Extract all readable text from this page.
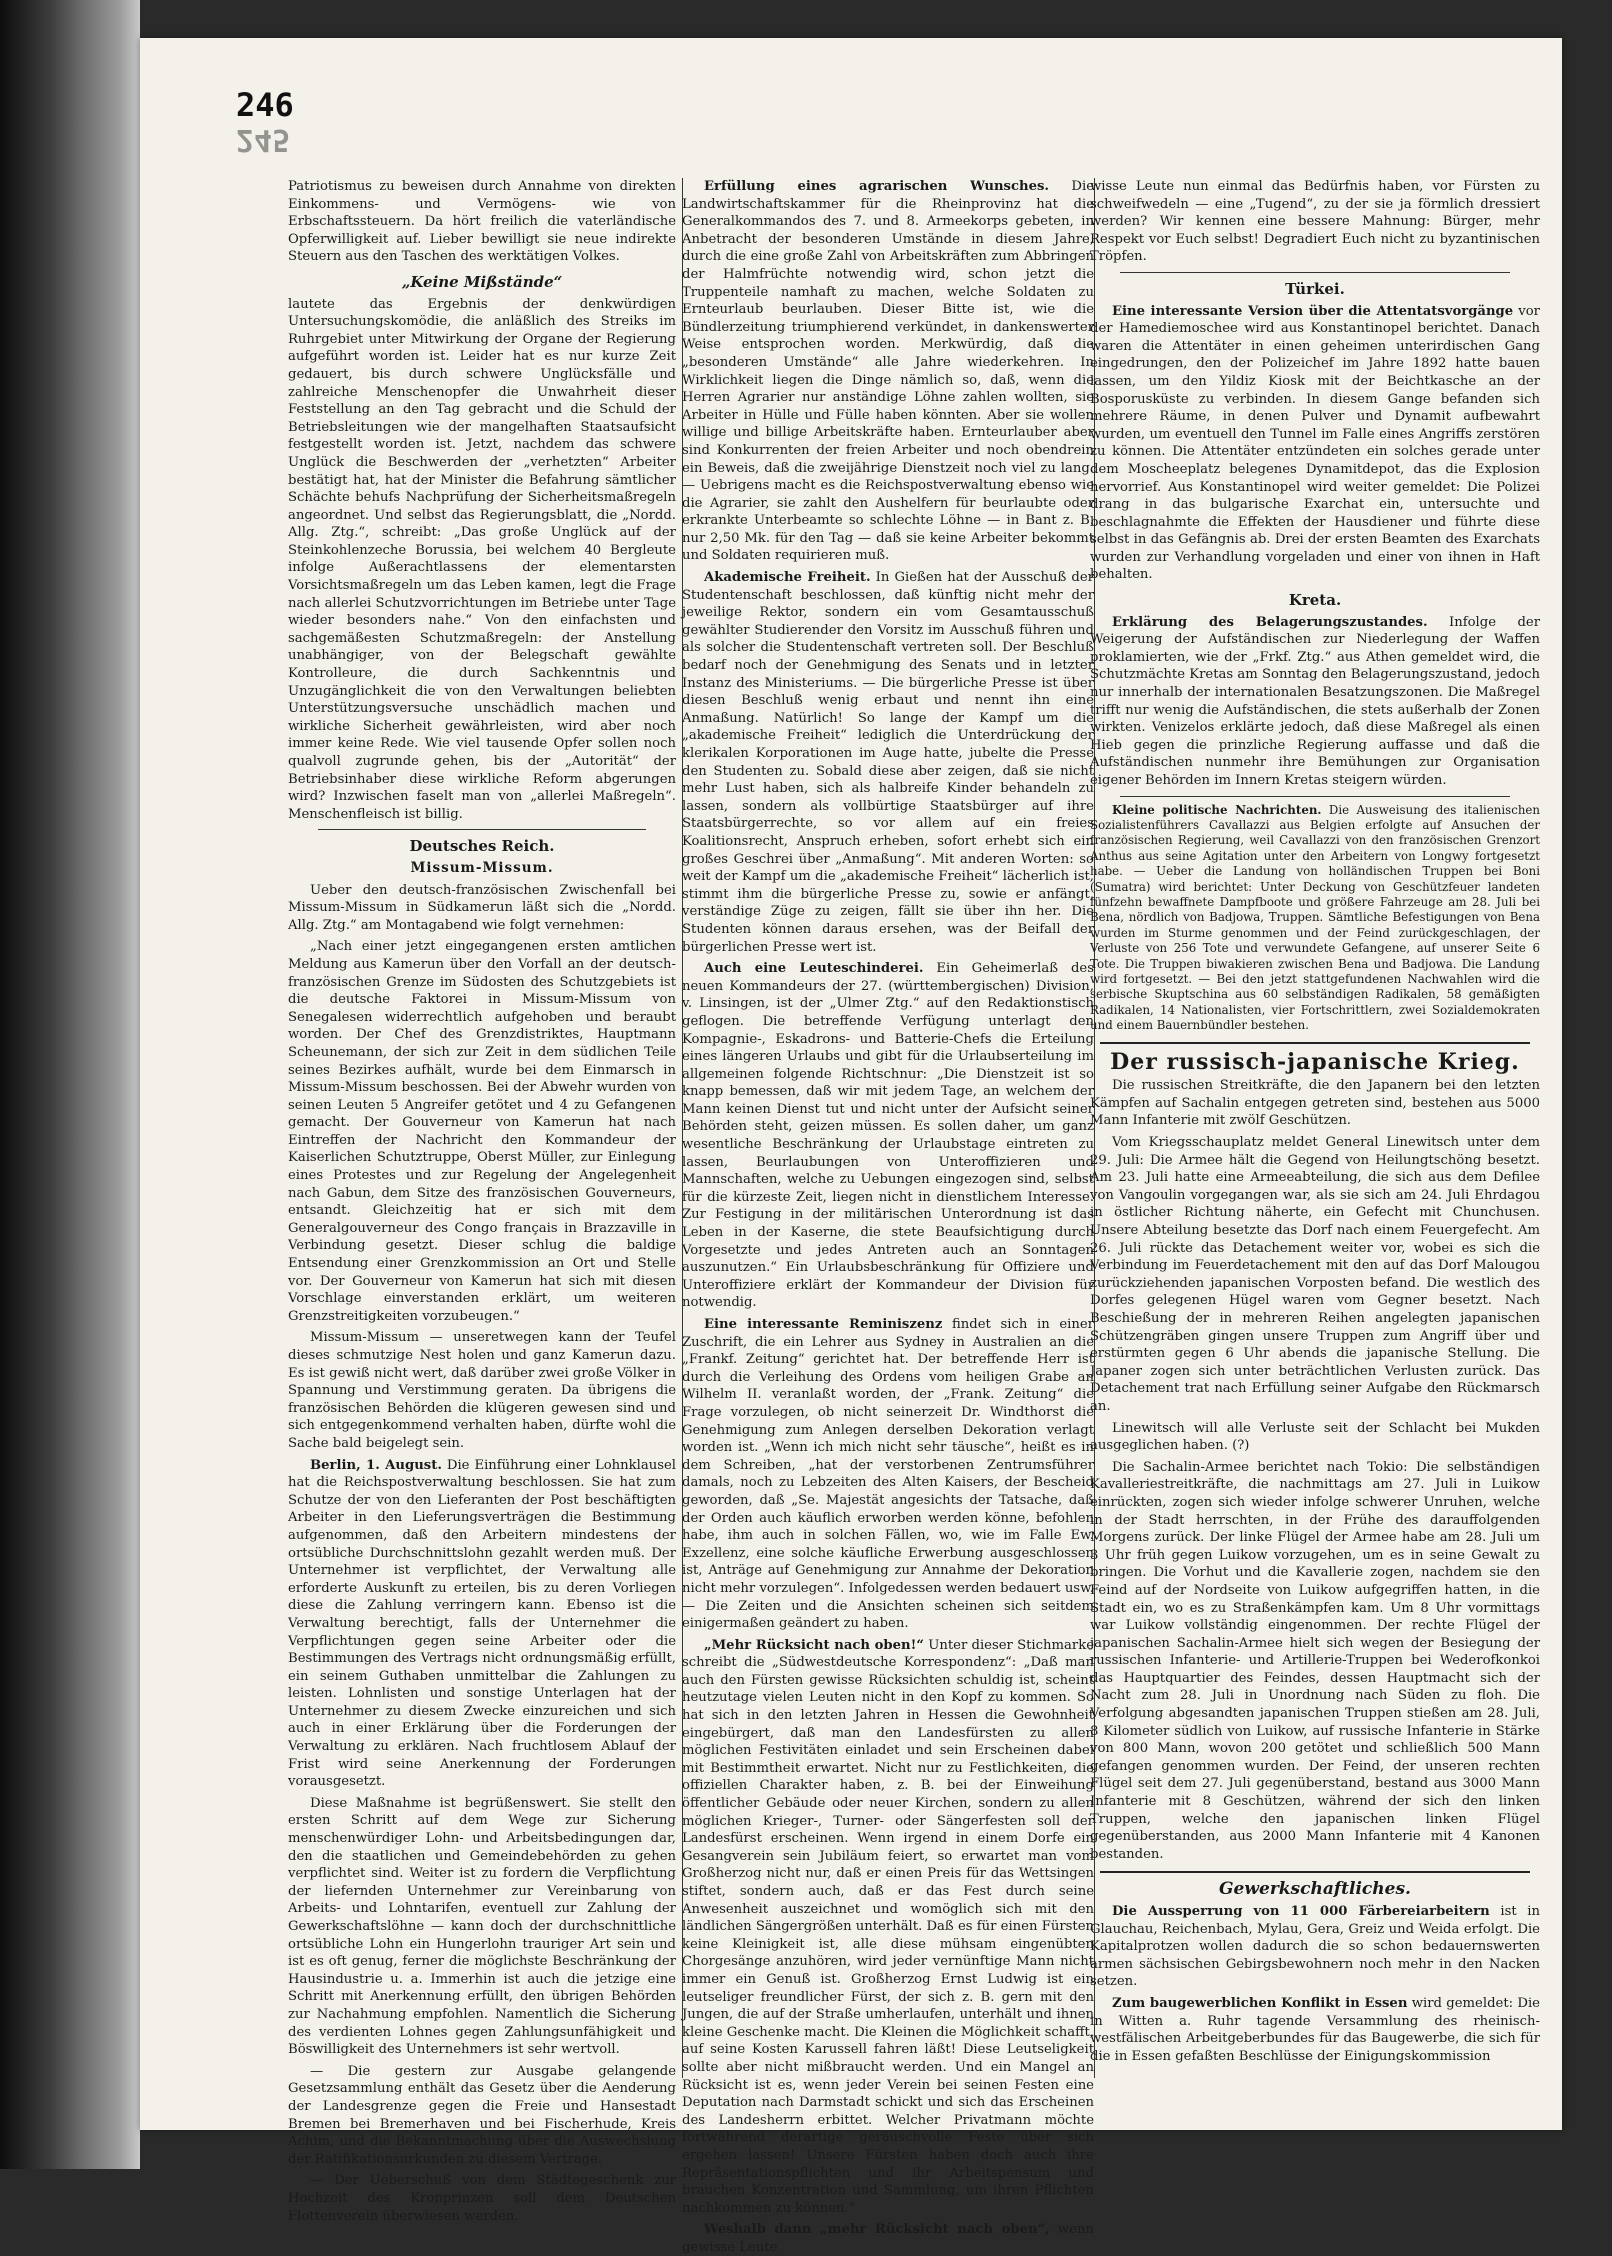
246
245

Patriotismus zu beweisen durch Annahme von direkten Einkommens- und Vermögens- wie von Erbschaftssteuern. Da hört freilich die vaterländische Opferwilligkeit auf. Lieber bewilligt sie neue indirekte Steuern aus den Taschen des werktätigen Volkes.

„Keine Mißstände“

lautete das Ergebnis der denkwürdigen Untersuchungskomödie, die anläßlich des Streiks im Ruhrgebiet unter Mitwirkung der Organe der Regierung aufgeführt worden ist. Leider hat es nur kurze Zeit gedauert, bis durch schwere Unglücksfälle und zahlreiche Menschenopfer die Unwahrheit dieser Feststellung an den Tag gebracht und die Schuld der Betriebsleitungen wie der mangelhaften Staatsaufsicht festgestellt worden ist. Jetzt, nachdem das schwere Unglück die Beschwerden der „verhetzten“ Arbeiter bestätigt hat, hat der Minister die Befahrung sämtlicher Schächte behufs Nachprüfung der Sicherheitsmaßregeln angeordnet. Und selbst das Regierungsblatt, die „Nordd. Allg. Ztg.“, schreibt: „Das große Unglück auf der Steinkohlenzeche Borussia, bei welchem 40 Bergleute infolge Außerachtlassens der elementarsten Vorsichtsmaßregeln um das Leben kamen, legt die Frage nach allerlei Schutzvorrichtungen im Betriebe unter Tage wieder besonders nahe.“ Von den einfachsten und sachgemäßesten Schutzmaßregeln: der Anstellung unabhängiger, von der Belegschaft gewählte Kontrolleure, die durch Sachkenntnis und Unzugänglichkeit die von den Verwaltungen beliebten Unterstützungsversuche unschädlich machen und wirkliche Sicherheit gewährleisten, wird aber noch immer keine Rede. Wie viel tausende Opfer sollen noch qualvoll zugrunde gehen, bis der „Autorität“ der Betriebsinhaber diese wirkliche Reform abgerungen wird? Inzwischen faselt man von „allerlei Maßregeln“. Menschenfleisch ist billig.

Deutsches Reich.
Missum-Missum.

Ueber den deutsch-französischen Zwischenfall bei Missum-Missum in Südkamerun läßt sich die „Nordd. Allg. Ztg.“ am Montagabend wie folgt vernehmen:

„Nach einer jetzt eingegangenen ersten amtlichen Meldung aus Kamerun über den Vorfall an der deutsch-französischen Grenze im Südosten des Schutzgebiets ist die deutsche Faktorei in Missum-Missum von Senegalesen widerrechtlich aufgehoben und beraubt worden. Der Chef des Grenzdistriktes, Hauptmann Scheunemann, der sich zur Zeit in dem südlichen Teile seines Bezirkes aufhält, wurde bei dem Einmarsch in Missum-Missum beschossen. Bei der Abwehr wurden von seinen Leuten 5 Angreifer getötet und 4 zu Gefangenen gemacht. Der Gouverneur von Kamerun hat nach Eintreffen der Nachricht den Kommandeur der Kaiserlichen Schutztruppe, Oberst Müller, zur Einlegung eines Protestes und zur Regelung der Angelegenheit nach Gabun, dem Sitze des französischen Gouverneurs, entsandt. Gleichzeitig hat er sich mit dem Generalgouverneur des Congo français in Brazzaville in Verbindung gesetzt. Dieser schlug die baldige Entsendung einer Grenzkommission an Ort und Stelle vor. Der Gouverneur von Kamerun hat sich mit diesen Vorschlage einverstanden erklärt, um weiteren Grenzstreitigkeiten vorzubeugen.“

Missum-Missum — unseretwegen kann der Teufel dieses schmutzige Nest holen und ganz Kamerun dazu. Es ist gewiß nicht wert, daß darüber zwei große Völker in Spannung und Verstimmung geraten. Da übrigens die französischen Behörden die klügeren gewesen sind und sich entgegenkommend verhalten haben, dürfte wohl die Sache bald beigelegt sein.

Berlin, 1. August. Die Einführung einer Lohnklausel hat die Reichspostverwaltung beschlossen. Sie hat zum Schutze der von den Lieferanten der Post beschäftigten Arbeiter in den Lieferungsverträgen die Bestimmung aufgenommen, daß den Arbeitern mindestens der ortsübliche Durchschnittslohn gezahlt werden muß. Der Unternehmer ist verpflichtet, der Verwaltung alle erforderte Auskunft zu erteilen, bis zu deren Vorliegen diese die Zahlung verringern kann. Ebenso ist die Verwaltung berechtigt, falls der Unternehmer die Verpflichtungen gegen seine Arbeiter oder die Bestimmungen des Vertrags nicht ordnungsmäßig erfüllt, ein seinem Guthaben unmittelbar die Zahlungen zu leisten. Lohnlisten und sonstige Unterlagen hat der Unternehmer zu diesem Zwecke einzureichen und sich auch in einer Erklärung über die Forderungen der Verwaltung zu erklären. Nach fruchtlosem Ablauf der Frist wird seine Anerkennung der Forderungen vorausgesetzt.

Diese Maßnahme ist begrüßenswert. Sie stellt den ersten Schritt auf dem Wege zur Sicherung menschenwürdiger Lohn- und Arbeitsbedingungen dar, den die staatlichen und Gemeindebehörden zu gehen verpflichtet sind. Weiter ist zu fordern die Verpflichtung der liefernden Unternehmer zur Vereinbarung von Arbeits- und Lohntarifen, eventuell zur Zahlung der Gewerkschaftslöhne — kann doch der durchschnittliche ortsübliche Lohn ein Hungerlohn trauriger Art sein und ist es oft genug, ferner die möglichste Beschränkung der Hausindustrie u. a. Immerhin ist auch die jetzige eine Schritt mit Anerkennung erfüllt, den übrigen Behörden zur Nachahmung empfohlen. Namentlich die Sicherung des verdienten Lohnes gegen Zahlungsunfähigkeit und Böswilligkeit des Unternehmers ist sehr wertvoll.

— Die gestern zur Ausgabe gelangende Gesetzsammlung enthält das Gesetz über die Aenderung der Landesgrenze gegen die Freie und Hansestadt Bremen bei Bremerhaven und bei Fischerhude, Kreis Achim, und die Bekanntmachung über die Auswechslung der Ratifikationsurkunden zu diesem Vertrage.

— Der Ueberschuß von dem Städtegeschenk zur Hochzeit des Kronprinzen soll dem Deutschen Flottenverein überwiesen werden.

Erfüllung eines agrarischen Wunsches. Die Landwirtschaftskammer für die Rheinprovinz hat die Generalkommandos des 7. und 8. Armeekorps gebeten, in Anbetracht der besonderen Umstände in diesem Jahre, durch die eine große Zahl von Arbeitskräften zum Abbringen der Halmfrüchte notwendig wird, schon jetzt die Truppenteile namhaft zu machen, welche Soldaten zu Ernteurlaub beurlauben. Dieser Bitte ist, wie die Bündlerzeitung triumphierend verkündet, in dankenswerter Weise entsprochen worden. Merkwürdig, daß die „besonderen Umstände“ alle Jahre wiederkehren. In Wirklichkeit liegen die Dinge nämlich so, daß, wenn die Herren Agrarier nur anständige Löhne zahlen wollten, sie Arbeiter in Hülle und Fülle haben könnten. Aber sie wollen willige und billige Arbeitskräfte haben. Ernteurlauber aber sind Konkurrenten der freien Arbeiter und noch obendrein ein Beweis, daß die zweijährige Dienstzeit noch viel zu lang. — Uebrigens macht es die Reichspostverwaltung ebenso wie die Agrarier, sie zahlt den Aushelfern für beurlaubte oder erkrankte Unterbeamte so schlechte Löhne — in Bant z. B. nur 2,50 Mk. für den Tag — daß sie keine Arbeiter bekommt und Soldaten requirieren muß.

Akademische Freiheit. In Gießen hat der Ausschuß der Studentenschaft beschlossen, daß künftig nicht mehr der jeweilige Rektor, sondern ein vom Gesamtausschuß gewählter Studierender den Vorsitz im Ausschuß führen und als solcher die Studentenschaft vertreten soll. Der Beschluß bedarf noch der Genehmigung des Senats und in letzter Instanz des Ministeriums. — Die bürgerliche Presse ist über diesen Beschluß wenig erbaut und nennt ihn eine Anmaßung. Natürlich! So lange der Kampf um die „akademische Freiheit“ lediglich die Unterdrückung der klerikalen Korporationen im Auge hatte, jubelte die Presse den Studenten zu. Sobald diese aber zeigen, daß sie nicht mehr Lust haben, sich als halbreife Kinder behandeln zu lassen, sondern als vollbürtige Staatsbürger auf ihre Staatsbürgerrechte, so vor allem auf ein freies Koalitionsrecht, Anspruch erheben, sofort erhebt sich ein großes Geschrei über „Anmaßung“. Mit anderen Worten: so weit der Kampf um die „akademische Freiheit“ lächerlich ist, stimmt ihm die bürgerliche Presse zu, sowie er anfängt, verständige Züge zu zeigen, fällt sie über ihn her. Die Studenten können daraus ersehen, was der Beifall der bürgerlichen Presse wert ist.

Auch eine Leuteschinderei. Ein Geheimerlaß des neuen Kommandeurs der 27. (württembergischen) Division, v. Linsingen, ist der „Ulmer Ztg.“ auf den Redaktionstisch geflogen. Die betreffende Verfügung unterlagt den Kompagnie-, Eskadrons- und Batterie-Chefs die Erteilung eines längeren Urlaubs und gibt für die Urlaubserteilung im allgemeinen folgende Richtschnur: „Die Dienstzeit ist so knapp bemessen, daß wir mit jedem Tage, an welchem der Mann keinen Dienst tut und nicht unter der Aufsicht seiner Behörden steht, geizen müssen. Es sollen daher, um ganz wesentliche Beschränkung der Urlaubstage eintreten zu lassen, Beurlaubungen von Unteroffizieren und Mannschaften, welche zu Uebungen eingezogen sind, selbst für die kürzeste Zeit, liegen nicht in dienstlichem Interesse. Zur Festigung in der militärischen Unterordnung ist das Leben in der Kaserne, die stete Beaufsichtigung durch Vorgesetzte und jedes Antreten auch an Sonntagen auszunutzen.“ Ein Urlaubsbeschränkung für Offiziere und Unteroffiziere erklärt der Kommandeur der Division für notwendig.

Eine interessante Reminiszenz findet sich in einer Zuschrift, die ein Lehrer aus Sydney in Australien an die „Frankf. Zeitung“ gerichtet hat. Der betreffende Herr ist durch die Verleihung des Ordens vom heiligen Grabe an Wilhelm II. veranlaßt worden, der „Frank. Zeitung“ die Frage vorzulegen, ob nicht seinerzeit Dr. Windthorst die Genehmigung zum Anlegen derselben Dekoration verlagt worden ist. „Wenn ich mich nicht sehr täusche“, heißt es in dem Schreiben, „hat der verstorbenen Zentrumsführer damals, noch zu Lebzeiten des Alten Kaisers, der Bescheid geworden, daß „Se. Majestät angesichts der Tatsache, daß der Orden auch käuflich erworben werden könne, befohlen habe, ihm auch in solchen Fällen, wo, wie im Falle Ew. Exzellenz, eine solche käufliche Erwerbung ausgeschlossen ist, Anträge auf Genehmigung zur Annahme der Dekoration nicht mehr vorzulegen“. Infolgedessen werden bedauert usw. — Die Zeiten und die Ansichten scheinen sich seitdem einigermaßen geändert zu haben.

„Mehr Rücksicht nach oben!“ Unter dieser Stichmarke schreibt die „Südwestdeutsche Korrespondenz“: „Daß man auch den Fürsten gewisse Rücksichten schuldig ist, scheint heutzutage vielen Leuten nicht in den Kopf zu kommen. So hat sich in den letzten Jahren in Hessen die Gewohnheit eingebürgert, daß man den Landesfürsten zu allen möglichen Festivitäten einladet und sein Erscheinen dabei mit Bestimmtheit erwartet. Nicht nur zu Festlichkeiten, die offiziellen Charakter haben, z. B. bei der Einweihung öffentlicher Gebäude oder neuer Kirchen, sondern zu allen möglichen Krieger-, Turner- oder Sängerfesten soll der Landesfürst erscheinen. Wenn irgend in einem Dorfe ein Gesangverein sein Jubiläum feiert, so erwartet man vom Großherzog nicht nur, daß er einen Preis für das Wettsingen stiftet, sondern auch, daß er das Fest durch seine Anwesenheit auszeichnet und womöglich sich mit den ländlichen Sängergrößen unterhält. Daß es für einen Fürsten keine Kleinigkeit ist, alle diese mühsam eingenübten Chorgesänge anzuhören, wird jeder vernünftige Mann nicht immer ein Genuß ist. Großherzog Ernst Ludwig ist ein leutseliger freundlicher Fürst, der sich z. B. gern mit den Jungen, die auf der Straße umherlaufen, unterhält und ihnen kleine Geschenke macht. Die Kleinen die Möglichkeit schafft, auf seine Kosten Karussell fahren läßt! Diese Leutseligkeit sollte aber nicht mißbraucht werden. Und ein Mangel an Rücksicht ist es, wenn jeder Verein bei seinen Festen eine Deputation nach Darmstadt schickt und sich das Erscheinen des Landesherrn erbittet. Welcher Privatmann möchte fortwährend derartige geräuschvolle Feste über sich ergehen lassen! Unsere Fürsten haben doch auch ihre Repräsentationspflichten und ihr Arbeitspensum und brauchen Konzentration und Sammlung, um ihren Pflichten nachkommen zu können.“

Weshalb dann „mehr Rücksicht nach oben“, wenn gewisse Leute

wisse Leute nun einmal das Bedürfnis haben, vor Fürsten zu schweifwedeln — eine „Tugend“, zu der sie ja förmlich dressiert werden? Wir kennen eine bessere Mahnung: Bürger, mehr Respekt vor Euch selbst! Degradiert Euch nicht zu byzantinischen Tröpfen.

Türkei.

Eine interessante Version über die Attentatsvorgänge vor der Hamediemoschee wird aus Konstantinopel berichtet. Danach waren die Attentäter in einen geheimen unterirdischen Gang eingedrungen, den der Polizeichef im Jahre 1892 hatte bauen lassen, um den Yildiz Kiosk mit der Beichtkasche an der Bosporusküste zu verbinden. In diesem Gange befanden sich mehrere Räume, in denen Pulver und Dynamit aufbewahrt wurden, um eventuell den Tunnel im Falle eines Angriffs zerstören zu können. Die Attentäter entzündeten ein solches gerade unter dem Moscheeplatz belegenes Dynamitdepot, das die Explosion hervorrief. Aus Konstantinopel wird weiter gemeldet: Die Polizei drang in das bulgarische Exarchat ein, untersuchte und beschlagnahmte die Effekten der Hausdiener und führte diese selbst in das Gefängnis ab. Drei der ersten Beamten des Exarchats wurden zur Verhandlung vorgeladen und einer von ihnen in Haft behalten.

Kreta.

Erklärung des Belagerungszustandes. Infolge der Weigerung der Aufständischen zur Niederlegung der Waffen proklamierten, wie der „Frkf. Ztg.“ aus Athen gemeldet wird, die Schutzmächte Kretas am Sonntag den Belagerungszustand, jedoch nur innerhalb der internationalen Besatzungszonen. Die Maßregel trifft nur wenig die Aufständischen, die stets außerhalb der Zonen wirkten. Venizelos erklärte jedoch, daß diese Maßregel als einen Hieb gegen die prinzliche Regierung auffasse und daß die Aufständischen nunmehr ihre Bemühungen zur Organisation eigener Behörden im Innern Kretas steigern würden.

Kleine politische Nachrichten. Die Ausweisung des italienischen Sozialistenführers Cavallazzi aus Belgien erfolgte auf Ansuchen der französischen Regierung, weil Cavallazzi von den französischen Grenzort Anthus aus seine Agitation unter den Arbeitern von Longwy fortgesetzt habe. — Ueber die Landung von holländischen Truppen bei Boni (Sumatra) wird berichtet: Unter Deckung von Geschützfeuer landeten fünfzehn bewaffnete Dampfboote und größere Fahrzeuge am 28. Juli bei Bena, nördlich von Badjowa, Truppen. Sämtliche Befestigungen von Bena wurden im Sturme genommen und der Feind zurückgeschlagen, der Verluste von 256 Tote und verwundete Gefangene, auf unserer Seite 6 Tote. Die Truppen biwakieren zwischen Bena und Badjowa. Die Landung wird fortgesetzt. — Bei den jetzt stattgefundenen Nachwahlen wird die serbische Skuptschina aus 60 selbständigen Radikalen, 58 gemäßigten Radikalen, 14 Nationalisten, vier Fortschrittlern, zwei Sozialdemokraten und einem Bauernbündler bestehen.

Der russisch-japanische Krieg.

Die russischen Streitkräfte, die den Japanern bei den letzten Kämpfen auf Sachalin entgegen getreten sind, bestehen aus 5000 Mann Infanterie mit zwölf Geschützen.

Vom Kriegsschauplatz meldet General Linewitsch unter dem 29. Juli: Die Armee hält die Gegend von Heilungtschöng besetzt. Am 23. Juli hatte eine Armeeabteilung, die sich aus dem Defilee von Vangoulin vorgegangen war, als sie sich am 24. Juli Ehrdagou in östlicher Richtung näherte, ein Gefecht mit Chunchusen. Unsere Abteilung besetzte das Dorf nach einem Feuergefecht. Am 26. Juli rückte das Detachement weiter vor, wobei es sich die Verbindung im Feuerdetachement mit den auf das Dorf Malougou zurückziehenden japanischen Vorposten befand. Die westlich des Dorfes gelegenen Hügel waren vom Gegner besetzt. Nach Beschießung der in mehreren Reihen angelegten japanischen Schützengräben gingen unsere Truppen zum Angriff über und erstürmten gegen 6 Uhr abends die japanische Stellung. Die Japaner zogen sich unter beträchtlichen Verlusten zurück. Das Detachement trat nach Erfüllung seiner Aufgabe den Rückmarsch an.

Linewitsch will alle Verluste seit der Schlacht bei Mukden ausgeglichen haben. (?)

Die Sachalin-Armee berichtet nach Tokio: Die selbständigen Kavalleriestreitkräfte, die nachmittags am 27. Juli in Luikow einrückten, zogen sich wieder infolge schwerer Unruhen, welche in der Stadt herrschten, in der Frühe des darauffolgenden Morgens zurück. Der linke Flügel der Armee habe am 28. Juli um 3 Uhr früh gegen Luikow vorzugehen, um es in seine Gewalt zu bringen. Die Vorhut und die Kavallerie zogen, nachdem sie den Feind auf der Nordseite von Luikow aufgegriffen hatten, in die Stadt ein, wo es zu Straßenkämpfen kam. Um 8 Uhr vormittags war Luikow vollständig eingenommen. Der rechte Flügel der japanischen Sachalin-Armee hielt sich wegen der Besiegung der russischen Infanterie- und Artillerie-Truppen bei Wederofkonkoi das Hauptquartier des Feindes, dessen Hauptmacht sich der Nacht zum 28. Juli in Unordnung nach Süden zu floh. Die Verfolgung abgesandten japanischen Truppen stießen am 28. Juli, 8 Kilometer südlich von Luikow, auf russische Infanterie in Stärke von 800 Mann, wovon 200 getötet und schließlich 500 Mann gefangen genommen wurden. Der Feind, der unseren rechten Flügel seit dem 27. Juli gegenüberstand, bestand aus 3000 Mann Infanterie mit 8 Geschützen, während der sich den linken Truppen, welche den japanischen linken Flügel gegenüberstanden, aus 2000 Mann Infanterie mit 4 Kanonen bestanden.

Gewerkschaftliches.

Die Aussperrung von 11 000 Färbereiarbeitern ist in Glauchau, Reichenbach, Mylau, Gera, Greiz und Weida erfolgt. Die Kapitalprotzen wollen dadurch die so schon bedauernswerten armen sächsischen Gebirgsbewohnern noch mehr in den Nacken setzen.

Zum baugewerblichen Konflikt in Essen wird gemeldet: Die in Witten a. Ruhr tagende Versammlung des rheinisch-westfälischen Arbeitgeberbundes für das Baugewerbe, die sich für die in Essen gefaßten Beschlüsse der Einigungskommission
